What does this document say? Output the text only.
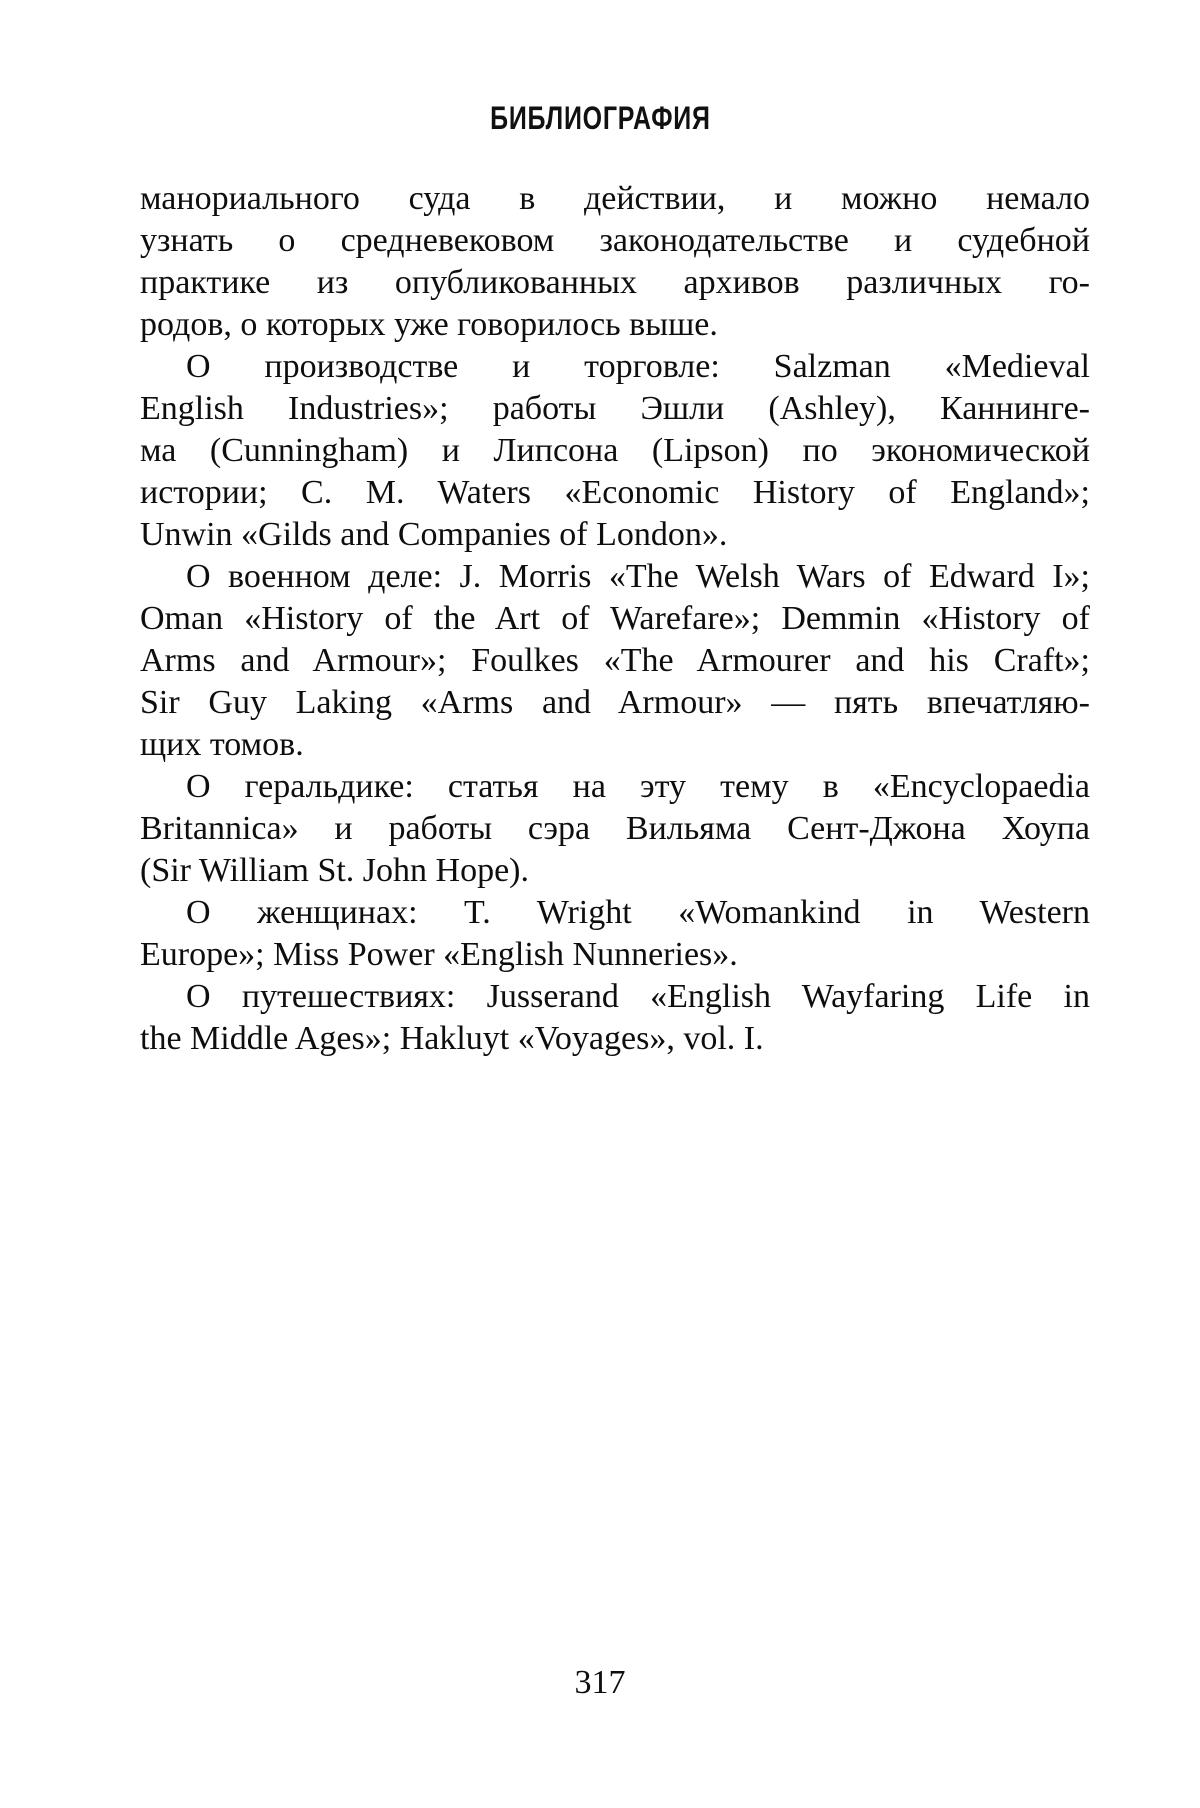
БИБЛИОГРАФИЯ
манориального суда в действии, и можно немало
узнать о средневековом законодательстве и судебной
практике из опубликованных архивов различных го-
родов, о которых уже говорилось выше.
О производстве и торговле: Salzman «Medieval
English Industries»; работы Эшли (Ashley), Каннинге-
ма (Cunningham) и Липсона (Lipson) по экономической
истории; C. M. Waters «Economic History of England»;
Unwin «Gilds and Companies of London».
О военном деле: J. Morris «The Welsh Wars of Edward I»;
Oman «History of the Art of Warefare»; Demmin «History of
Arms and Armour»; Foulkes «The Armourer and his Craft»;
Sir Guy Laking «Arms and Armour» — пять впечатляю-
щих томов.
О геральдике: статья на эту тему в «Encyclopaedia
Britannica» и работы сэра Вильяма Сент-Джона Хоупа
(Sir William St. John Hope).
О женщинах: T. Wright «Womankind in Western
Europe»; Miss Power «English Nunneries».
О путешествиях: Jusserand «English Wayfaring Life in
the Middle Ages»; Hakluyt «Voyages», vol. I.
317
